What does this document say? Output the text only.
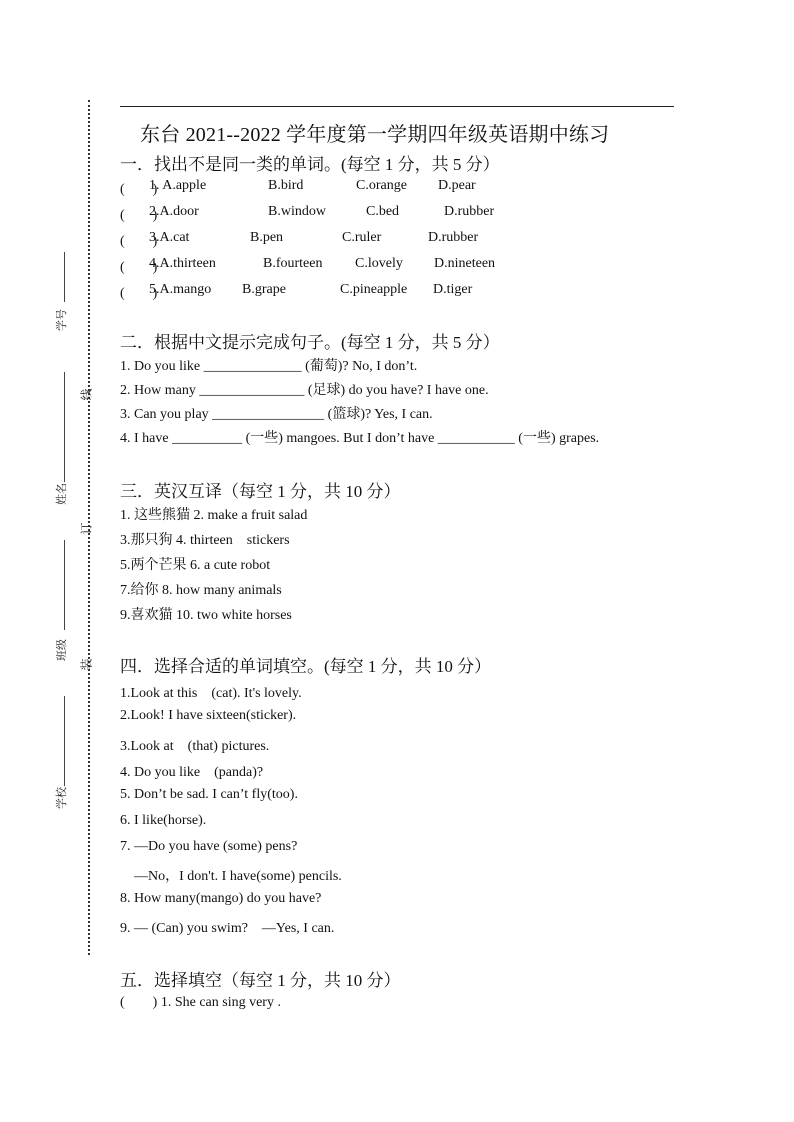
学号
姓名
班级
学校
线
订
装
东台 2021--2022 学年度第一学期四年级英语期中练习
一．找出不是同一类的单词。(每空 1 分，共 5 分）
(　　)
1. A.apple	B.bird	C.orange D.pear
(　　)
2.A.door	B.window	C.bed	D.rubber
(　　)
3.A.cat	B.pen	C.ruler	D.rubber
(　　)
4.A.thirteen	B.fourteen C.lovely D.nineteen
(　　)
5.A.mango B.grape	C.pineapple D.tiger
二．根据中文提示完成句子。(每空 1 分，共 5 分）
1. Do you like ______________ (葡萄)? No, I don’t.
2. How many _______________ (足球) do you have? I have one.
3. Can you play ________________ (篮球)? Yes, I can.
4. I have __________ (一些) mangoes. But I don’t have ___________ (一些) grapes.
三．英汉互译（每空 1 分，共 10 分）
1. 这些熊猫 2. make a fruit salad
3.那只狗 4. thirteen　stickers
5.两个芒果 6. a cute robot
7.给你 8. how many animals
9.喜欢猫 10. two white horses
四．选择合适的单词填空。(每空 1 分，共 10 分）
1.Look at this　(cat). It's lovely.
2.Look! I have sixteen(sticker).
3.Look at　(that) pictures.
4. Do you like　(panda)?
5. Don’t be sad. I can’t fly(too).
6. I like(horse).
7. —Do you have (some) pens?
　—No，I don't. I have(some) pencils.
8. How many(mango) do you have?
9. — (Can) you swim?　—Yes, I can.
五．选择填空（每空 1 分，共 10 分）
(　　) 1. She can sing very .
